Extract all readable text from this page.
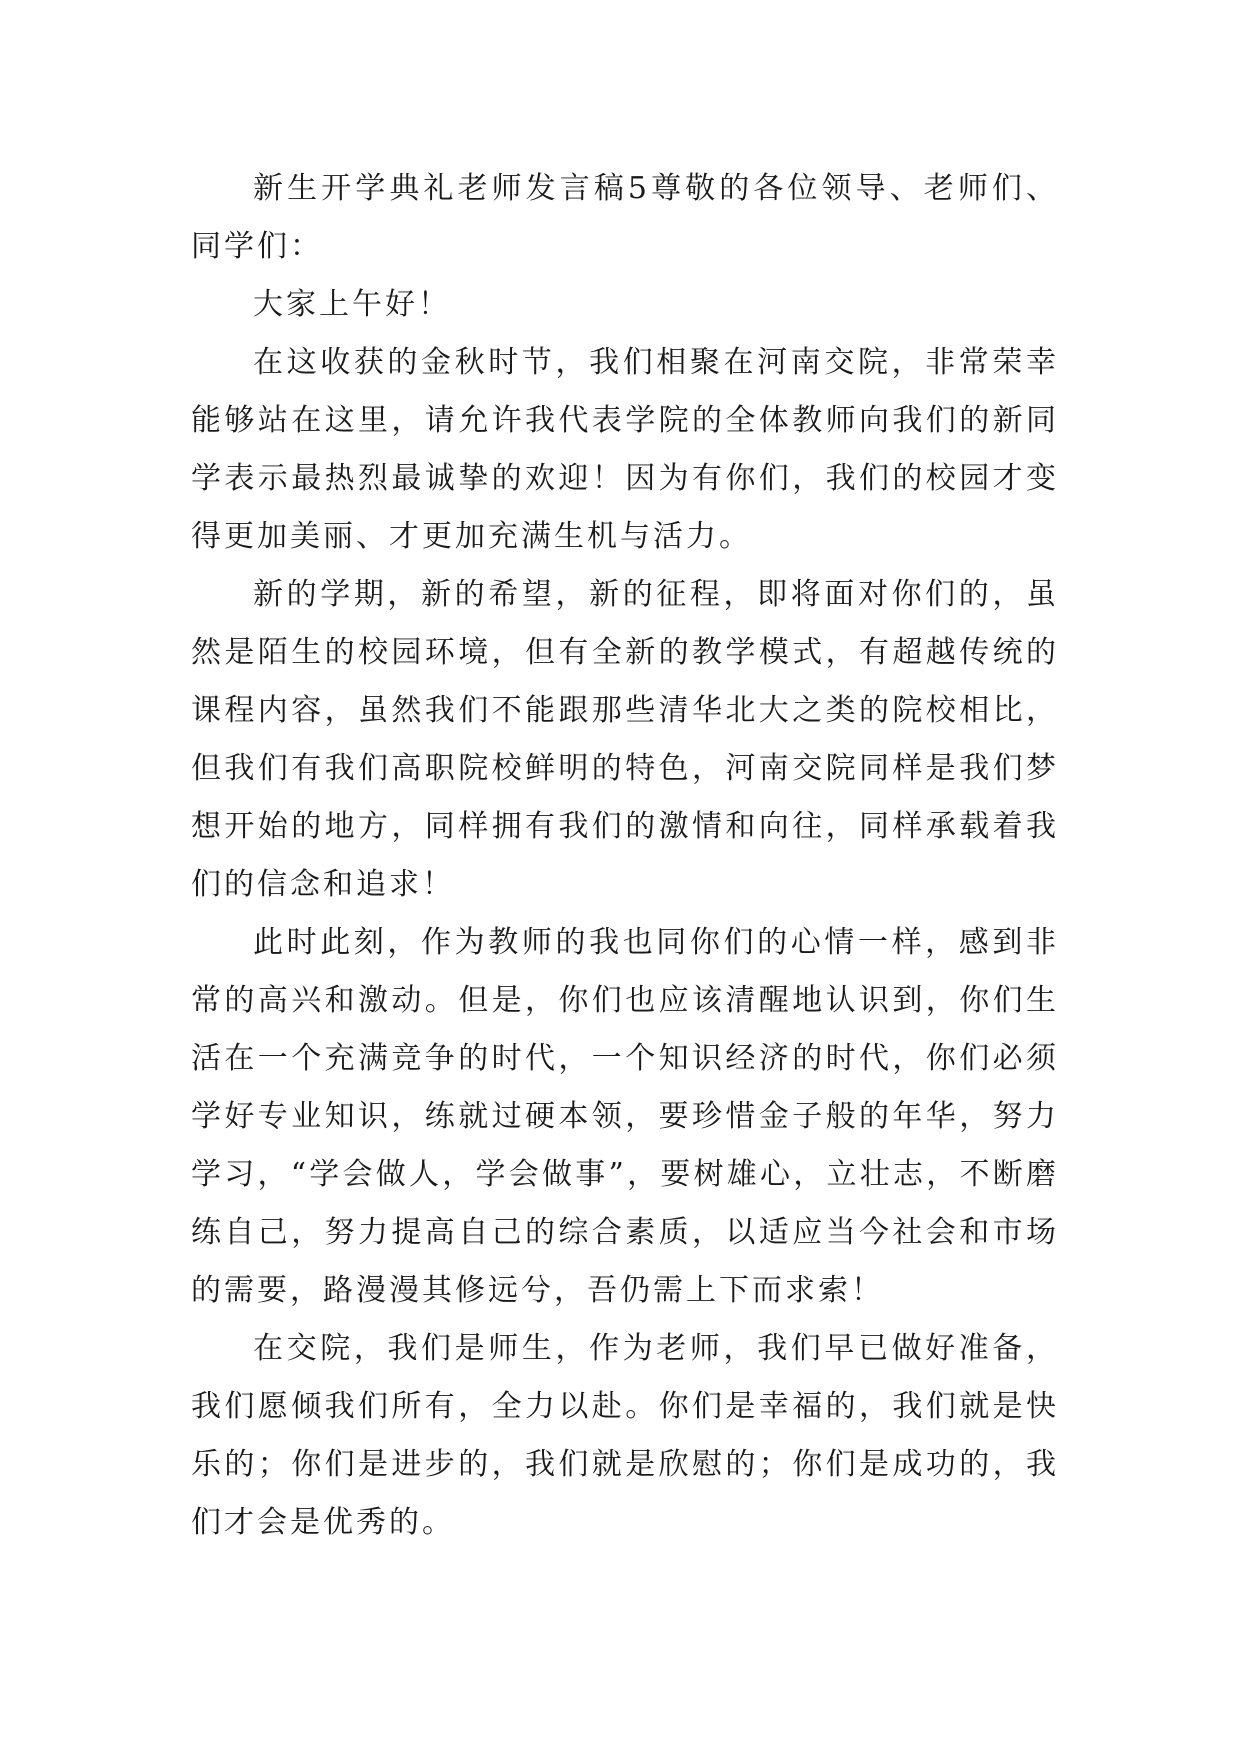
新生开学典礼老师发言稿5尊敬的各位领导、老师们、同学们：

大家上午好！

在这收获的金秋时节，我们相聚在河南交院，非常荣幸能够站在这里，请允许我代表学院的全体教师向我们的新同学表示最热烈最诚挚的欢迎！因为有你们，我们的校园才变得更加美丽、才更加充满生机与活力。

新的学期，新的希望，新的征程，即将面对你们的，虽然是陌生的校园环境，但有全新的教学模式，有超越传统的课程内容，虽然我们不能跟那些清华北大之类的院校相比，但我们有我们高职院校鲜明的特色，河南交院同样是我们梦想开始的地方，同样拥有我们的激情和向往，同样承载着我们的信念和追求！

此时此刻，作为教师的我也同你们的心情一样，感到非常的高兴和激动。但是，你们也应该清醒地认识到，你们生活在一个充满竞争的时代，一个知识经济的时代，你们必须学好专业知识，练就过硬本领，要珍惜金子般的年华，努力学习，“学会做人，学会做事”，要树雄心，立壮志，不断磨练自己，努力提高自己的综合素质，以适应当今社会和市场的需要，路漫漫其修远兮，吾仍需上下而求索！

在交院，我们是师生，作为老师，我们早已做好准备，我们愿倾我们所有，全力以赴。你们是幸福的，我们就是快乐的；你们是进步的，我们就是欣慰的；你们是成功的，我们才会是优秀的。
